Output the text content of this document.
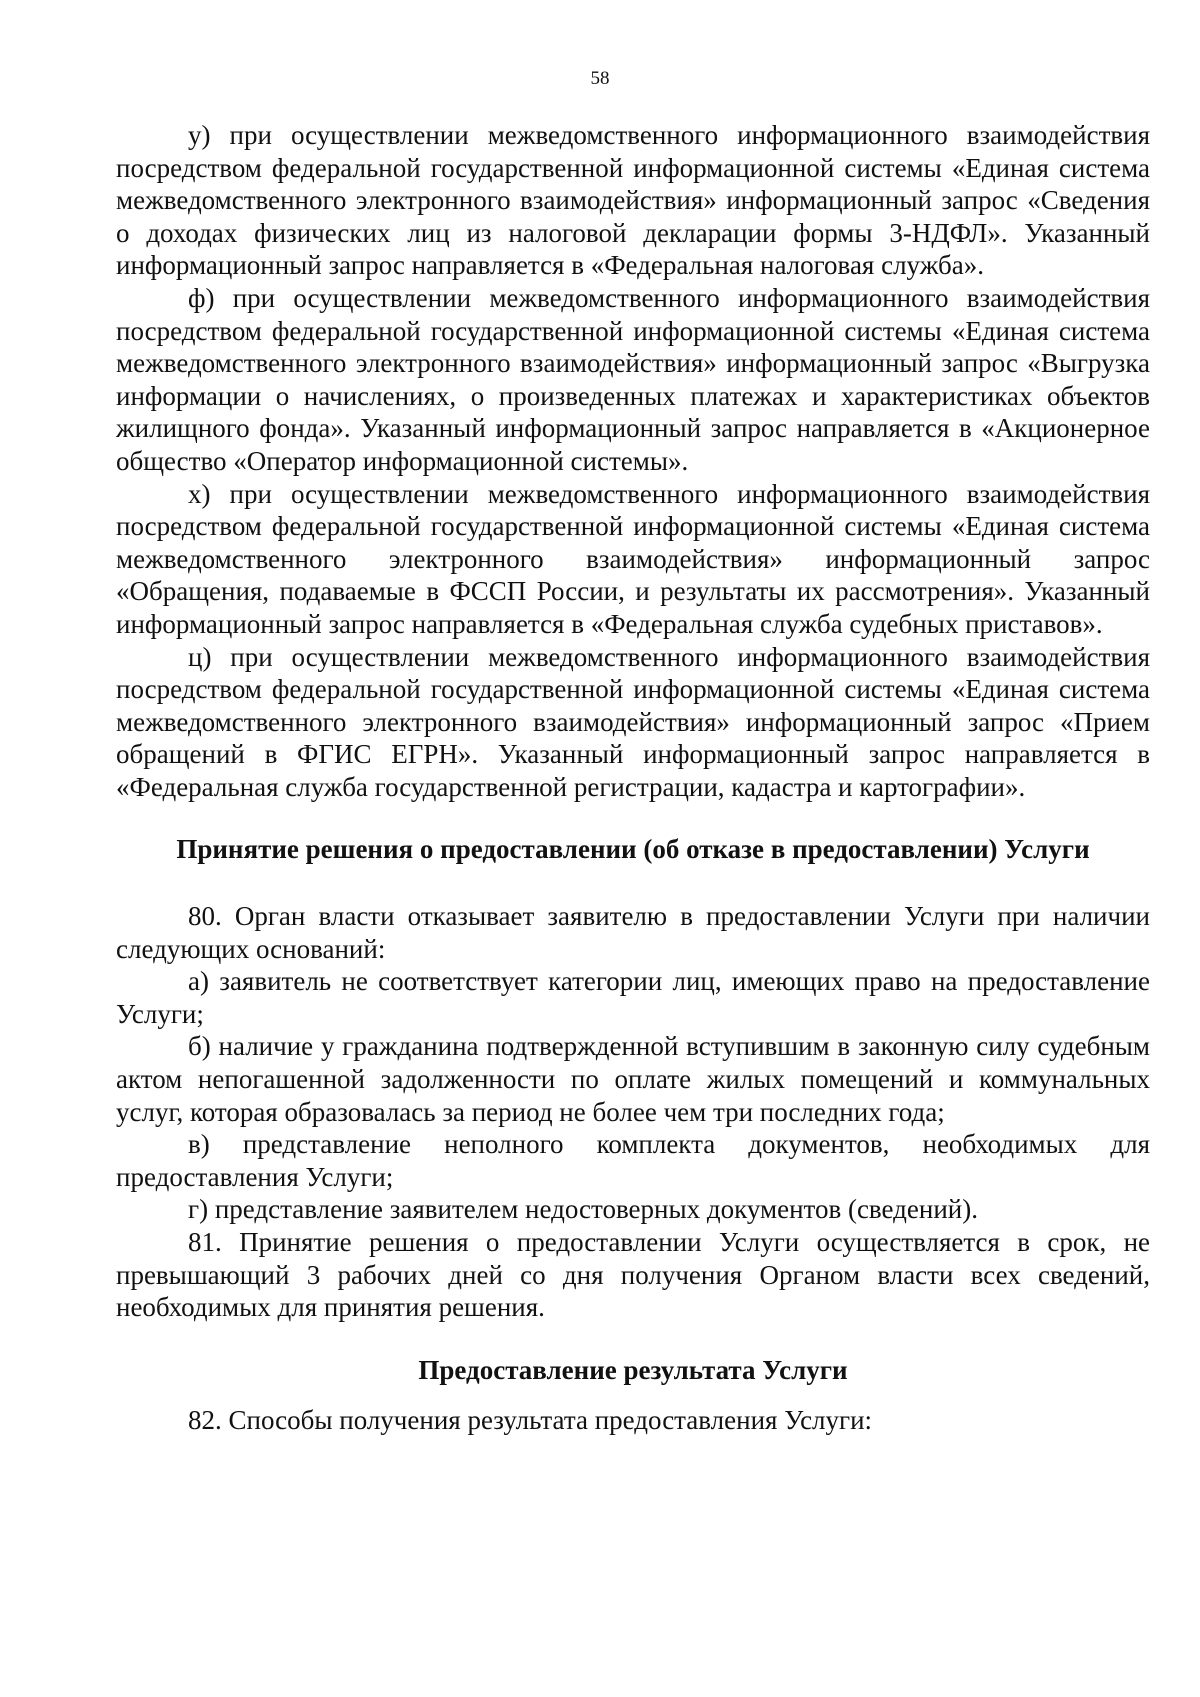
58

у) при осуществлении межведомственного информационного взаимодействия посредством федеральной государственной информационной системы «Единая система межведомственного электронного взаимодействия» информационный запрос «Сведения о доходах физических лиц из налоговой декларации формы 3-НДФЛ». Указанный информационный запрос направляется в «Федеральная налоговая служба».

ф) при осуществлении межведомственного информационного взаимодействия посредством федеральной государственной информационной системы «Единая система межведомственного электронного взаимодействия» информационный запрос «Выгрузка информации о начислениях, о произведенных платежах и характеристиках объектов жилищного фонда». Указанный информационный запрос направляется в «Акционерное общество «Оператор информационной системы».

х) при осуществлении межведомственного информационного взаимодействия посредством федеральной государственной информационной системы «Единая система межведомственного электронного взаимодействия» информационный запрос «Обращения, подаваемые в ФССП России, и результаты их рассмотрения». Указанный информационный запрос направляется в «Федеральная служба судебных приставов».

ц) при осуществлении межведомственного информационного взаимодействия посредством федеральной государственной информационной системы «Единая система межведомственного электронного взаимодействия» информационный запрос «Прием обращений в ФГИС ЕГРН». Указанный информационный запрос направляется в «Федеральная служба государственной регистрации, кадастра и картографии».

Принятие решения о предоставлении (об отказе в предоставлении) Услуги

80. Орган власти отказывает заявителю в предоставлении Услуги при наличии следующих оснований:

а) заявитель не соответствует категории лиц, имеющих право на предоставление Услуги;

б) наличие у гражданина подтвержденной вступившим в законную силу судебным актом непогашенной задолженности по оплате жилых помещений и коммунальных услуг, которая образовалась за период не более чем три последних года;

в) представление неполного комплекта документов, необходимых для предоставления Услуги;

г) представление заявителем недостоверных документов (сведений).

81. Принятие решения о предоставлении Услуги осуществляется в срок, не превышающий 3 рабочих дней со дня получения Органом власти всех сведений, необходимых для принятия решения.

Предоставление результата Услуги

82. Способы получения результата предоставления Услуги:
